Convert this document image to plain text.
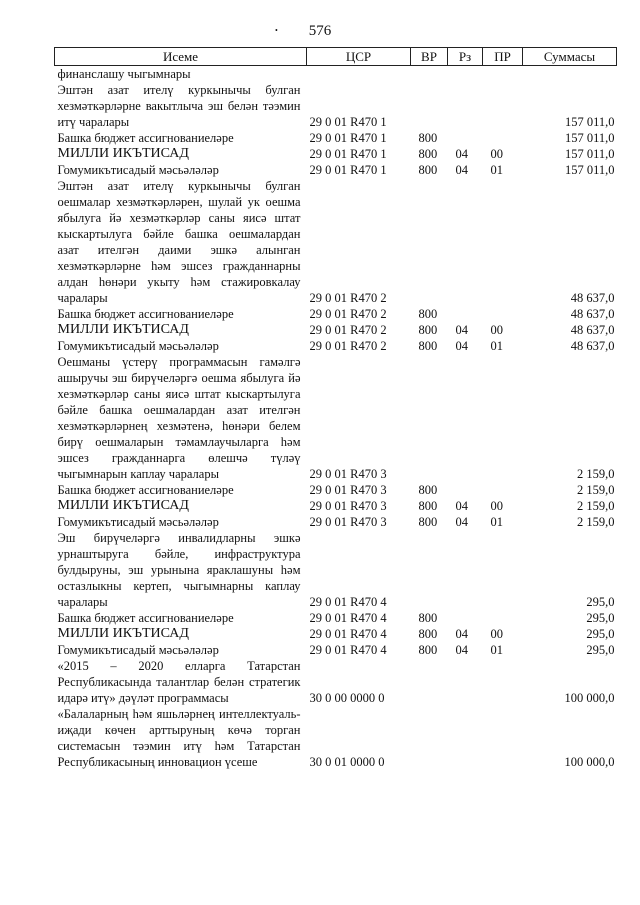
576
•
Исеме	ЦСР	ВР	Рз	ПР	Суммасы
финанслашу чыгымнары					
Эштән азат ителү куркынычы булган хезмәткәрләрне вакытлыча эш белән тәэмин итү чаралары	29 0 01 R470 1				157 011,0
Башка бюджет ассигнованиеләре	29 0 01 R470 1	800			157 011,0
МИЛЛИ ИКЪТИСАД	29 0 01 R470 1	800	04	00	157 011,0
Гомумикътисадый мәсьәләләр	29 0 01 R470 1	800	04	01	157 011,0
Эштән азат ителү куркынычы булган оешмалар хезмәткәрләрен, шулай ук оешма ябылуга йә хезмәткәрләр саны яисә штат кыскартылуга бәйле башка оешмалардан азат ителгән даими эшкә алынган хезмәткәрләрне һәм эшсез гражданнарны алдан һөнәри укыту һәм стажировкалау чаралары	29 0 01 R470 2				48 637,0
Башка бюджет ассигнованиеләре	29 0 01 R470 2	800			48 637,0
МИЛЛИ ИКЪТИСАД	29 0 01 R470 2	800	04	00	48 637,0
Гомумикътисадый мәсьәләләр	29 0 01 R470 2	800	04	01	48 637,0
Оешманы үстерү программасын гамәлгә ашыручы эш бирүчеләргә оешма ябылуга йә хезмәткәрләр саны яисә штат кыскартылуга бәйле башка оешмалардан азат ителгән хезмәткәрләрнең хезмәтенә, һөнәри белем бирү оешмаларын тәмамлаучыларга һәм эшсез гражданнарга өлешчә түләү чыгымнарын каплау чаралары	29 0 01 R470 3				2 159,0
Башка бюджет ассигнованиеләре	29 0 01 R470 3	800			2 159,0
МИЛЛИ ИКЪТИСАД	29 0 01 R470 3	800	04	00	2 159,0
Гомумикътисадый мәсьәләләр	29 0 01 R470 3	800	04	01	2 159,0
Эш бирүчеләргә инвалидларны эшкә урнаштыруга бәйле, инфраструктура булдыруны, эш урынына яраклашуны һәм остазлыкны кертеп, чыгымнарны каплау чаралары	29 0 01 R470 4				295,0
Башка бюджет ассигнованиеләре	29 0 01 R470 4	800			295,0
МИЛЛИ ИКЪТИСАД	29 0 01 R470 4	800	04	00	295,0
Гомумикътисадый мәсьәләләр	29 0 01 R470 4	800	04	01	295,0
«2015 – 2020 елларга Татарстан Республикасында талантлар белән стратегик идарә итү» дәүләт программасы	30 0 00 0000 0				100 000,0
«Балаларның һәм яшьләрнең интеллектуаль-иҗади көчен арттыруның көчә торган системасын тәэмин итү һәм Татарстан Республикасының инновацион үсеше	30 0 01 0000 0				100 000,0
